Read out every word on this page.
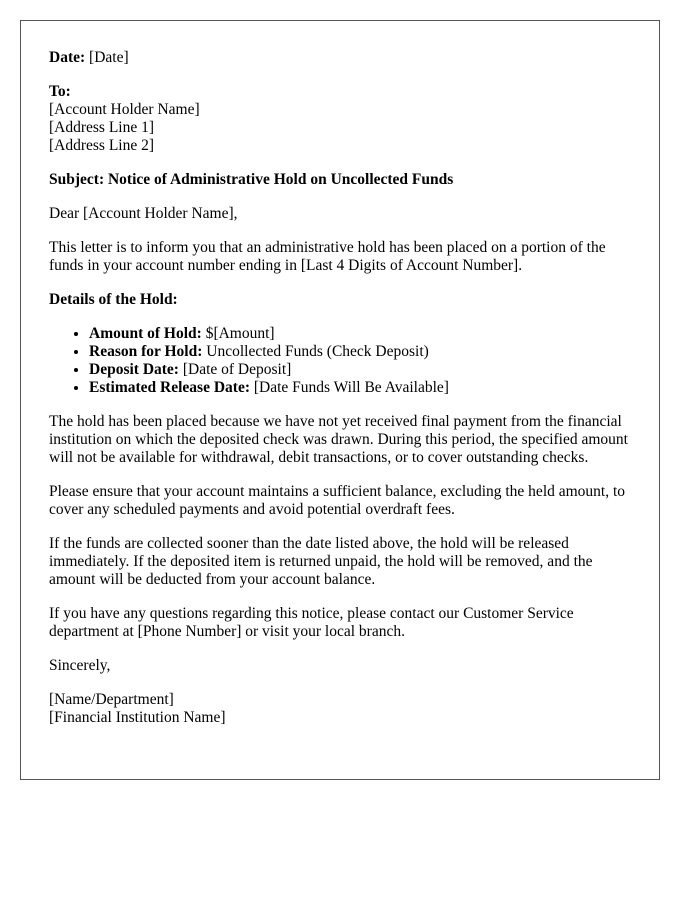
Date: [Date]

To:
[Account Holder Name]
[Address Line 1]
[Address Line 2]

Subject: Notice of Administrative Hold on Uncollected Funds

Dear [Account Holder Name],

This letter is to inform you that an administrative hold has been placed on a portion of the funds in your account number ending in [Last 4 Digits of Account Number].

Details of the Hold:

• Amount of Hold: $[Amount]
• Reason for Hold: Uncollected Funds (Check Deposit)
• Deposit Date: [Date of Deposit]
• Estimated Release Date: [Date Funds Will Be Available]

The hold has been placed because we have not yet received final payment from the financial institution on which the deposited check was drawn. During this period, the specified amount will not be available for withdrawal, debit transactions, or to cover outstanding checks.

Please ensure that your account maintains a sufficient balance, excluding the held amount, to cover any scheduled payments and avoid potential overdraft fees.

If the funds are collected sooner than the date listed above, the hold will be released immediately. If the deposited item is returned unpaid, the hold will be removed, and the amount will be deducted from your account balance.

If you have any questions regarding this notice, please contact our Customer Service department at [Phone Number] or visit your local branch.

Sincerely,

[Name/Department]
[Financial Institution Name]
